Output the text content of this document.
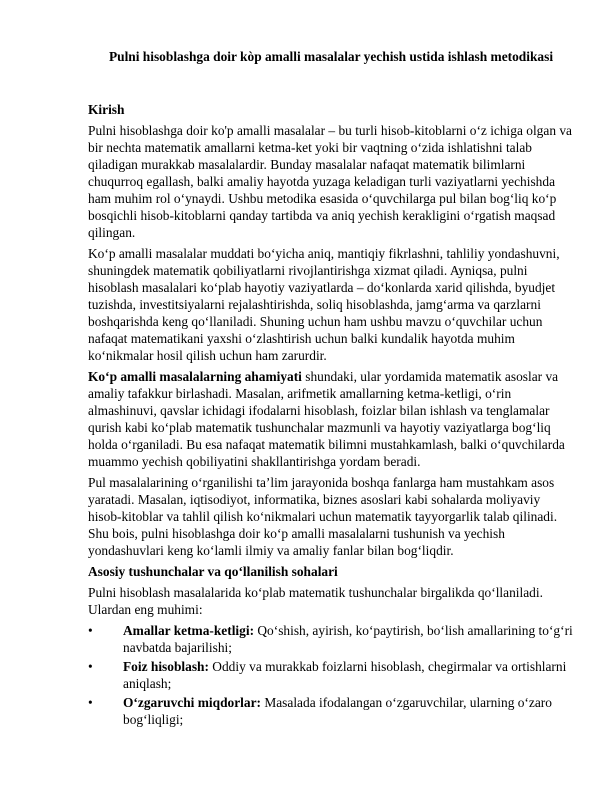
Pulni hisoblashga doir kòp amalli masalalar yechish ustida ishlash metodikasi
Kirish

Pulni hisoblashga doir ko'p amalli masalalar – bu turli hisob-kitoblarni o‘z ichiga olgan va bir nechta matematik amallarni ketma-ket yoki bir vaqtning o‘zida ishlatishni talab qiladigan murakkab masalalardir. Bunday masalalar nafaqat matematik bilimlarni chuqurroq egallash, balki amaliy hayotda yuzaga keladigan turli vaziyatlarni yechishda ham muhim rol o‘ynaydi. Ushbu metodika esasida o‘quvchilarga pul bilan bog‘liq ko‘p bosqichli hisob-kitoblarni qanday tartibda va aniq yechish kerakligini o‘rgatish maqsad qilingan.

Ko‘p amalli masalalar muddati bo‘yicha aniq, mantiqiy fikrlashni, tahliliy yondashuvni, shuningdek matematik qobiliyatlarni rivojlantirishga xizmat qiladi. Ayniqsa, pulni hisoblash masalalari ko‘plab hayotiy vaziyatlarda – do‘konlarda xarid qilishda, byudjet tuzishda, investitsiyalarni rejalashtirishda, soliq hisoblashda, jamg‘arma va qarzlarni boshqarishda keng qo‘llaniladi. Shuning uchun ham ushbu mavzu o‘quvchilar uchun nafaqat matematikani yaxshi o‘zlashtirish uchun balki kundalik hayotda muhim ko‘nikmalar hosil qilish uchun ham zarurdir.

Ko‘p amalli masalalarning ahamiyati shundaki, ular yordamida matematik asoslar va amaliy tafakkur birlashadi. Masalan, arifmetik amallarning ketma-ketligi, o‘rin almashinuvi, qavslar ichidagi ifodalarni hisoblash, foizlar bilan ishlash va tenglamalar qurish kabi ko‘plab matematik tushunchalar mazmunli va hayotiy vaziyatlarga bog‘liq holda o‘rganiladi. Bu esa nafaqat matematik bilimni mustahkamlash, balki o‘quvchilarda muammo yechish qobiliyatini shakllantirishga yordam beradi.

Pul masalalarining o‘rganilishi ta’lim jarayonida boshqa fanlarga ham mustahkam asos yaratadi. Masalan, iqtisodiyot, informatika, biznes asoslari kabi sohalarda moliyaviy hisob-kitoblar va tahlil qilish ko‘nikmalari uchun matematik tayyorgarlik talab qilinadi. Shu bois, pulni hisoblashga doir ko‘p amalli masalalarni tushunish va yechish yondashuvlari keng ko‘lamli ilmiy va amaliy fanlar bilan bog‘liqdir.

Asosiy tushunchalar va qo‘llanilish sohalari

Pulni hisoblash masalalarida ko‘plab matematik tushunchalar birgalikda qo‘llaniladi. Ulardan eng muhimi:

•	Amallar ketma-ketligi: Qo‘shish, ayirish, ko‘paytirish, bo‘lish amallarining to‘g‘ri navbatda bajarilishi;
•	Foiz hisoblash: Oddiy va murakkab foizlarni hisoblash, chegirmalar va ortishlarni aniqlash;
•	O‘zgaruvchi miqdorlar: Masalada ifodalangan o‘zgaruvchilar, ularning o‘zaro bog‘liqligi;
